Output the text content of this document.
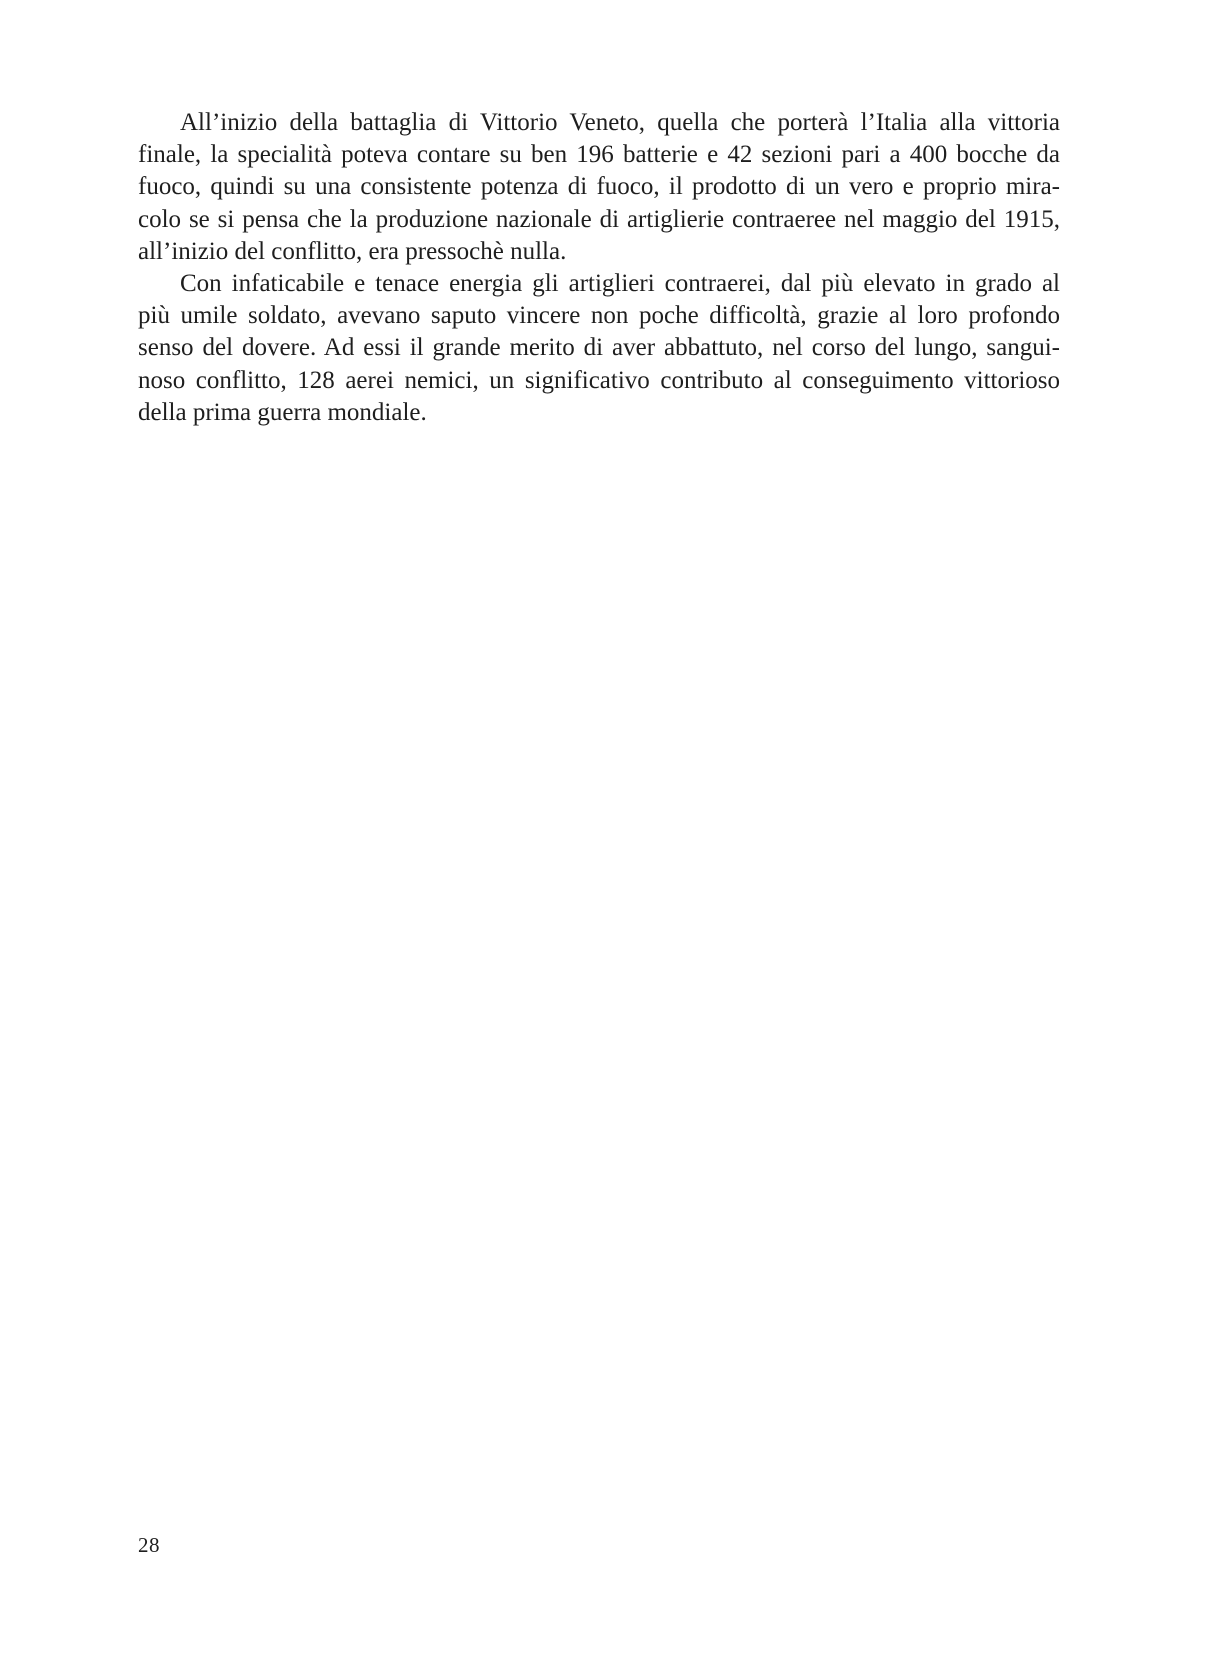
All’inizio della battaglia di Vittorio Veneto, quella che porterà l’Italia alla vittoria
finale, la specialità poteva contare su ben 196 batterie e 42 sezioni pari a 400 bocche da
fuoco, quindi su una consistente potenza di fuoco, il prodotto di un vero e proprio mira-
colo se si pensa che la produzione nazionale di artiglierie contraeree nel maggio del 1915,
all’inizio del conflitto, era pressochè nulla.

Con infaticabile e tenace energia gli artiglieri contraerei, dal più elevato in grado al
più umile soldato, avevano saputo vincere non poche difficoltà, grazie al loro profondo
senso del dovere. Ad essi il grande merito di aver abbattuto, nel corso del lungo, sangui-
noso conflitto, 128 aerei nemici, un significativo contributo al conseguimento vittorioso
della prima guerra mondiale.

28
